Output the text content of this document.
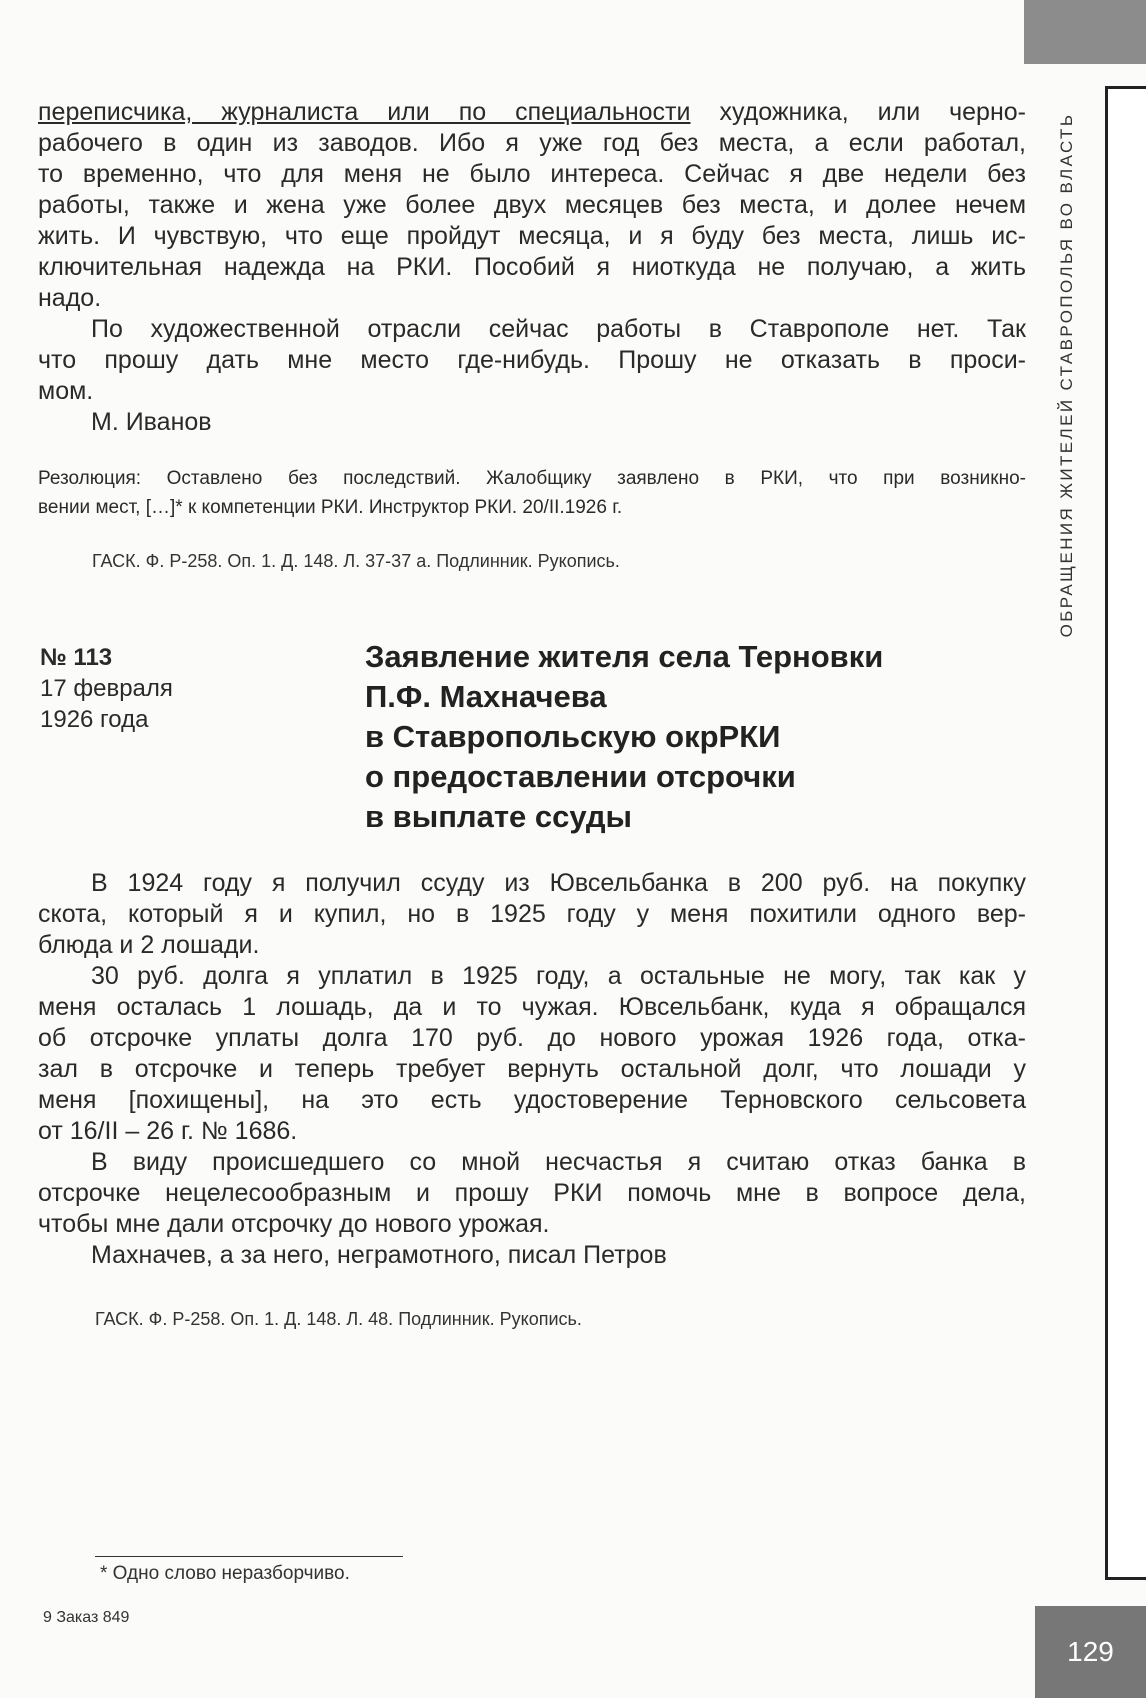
ОБРАЩЕНИЯ ЖИТЕЛЕЙ СТАВРОПОЛЬЯ ВО ВЛАСТЬ
переписчика, журналиста или по специальности художника, или черно-
рабочего в один из заводов. Ибо я уже год без места, а если работал,
то временно, что для меня не было интереса. Сейчас я две недели без
работы, также и жена уже более двух месяцев без места, и долее нечем
жить. И чувствую, что еще пройдут месяца, и я буду без места, лишь ис-
ключительная надежда на РКИ. Пособий я ниоткуда не получаю, а жить
надо.
По художественной отрасли сейчас работы в Ставрополе нет. Так
что прошу дать мне место где-нибудь. Прошу не отказать в проси-
мом.
М. Иванов
Резолюция: Оставлено без последствий. Жалобщику заявлено в РКИ, что при возникно-
вении мест, […]* к компетенции РКИ. Инструктор РКИ. 20/II.1926 г.
ГАСК. Ф. Р-258. Оп. 1. Д. 148. Л. 37-37 а. Подлинник. Рукопись.
№ 113
17 февраля
1926 года
Заявление жителя села Терновки
П.Ф. Махначева
в Ставропольскую окрРКИ
о предоставлении отсрочки
в выплате ссуды
В 1924 году я получил ссуду из Ювсельбанка в 200 руб. на покупку
скота, который я и купил, но в 1925 году у меня похитили одного вер-
блюда и 2 лошади.
30 руб. долга я уплатил в 1925 году, а остальные не могу, так как у
меня осталась 1 лошадь, да и то чужая. Ювсельбанк, куда я обращался
об отсрочке уплаты долга 170 руб. до нового урожая 1926 года, отка-
зал в отсрочке и теперь требует вернуть остальной долг, что лошади у
меня [похищены], на это есть удостоверение Терновского сельсовета
от 16/II – 26 г. № 1686.
В виду происшедшего со мной несчастья я считаю отказ банка в
отсрочке нецелесообразным и прошу РКИ помочь мне в вопросе дела,
чтобы мне дали отсрочку до нового урожая.
Махначев, а за него, неграмотного, писал Петров
ГАСК. Ф. Р-258. Оп. 1. Д. 148. Л. 48. Подлинник. Рукопись.
* Одно слово неразборчиво.
9 Заказ 849
129
